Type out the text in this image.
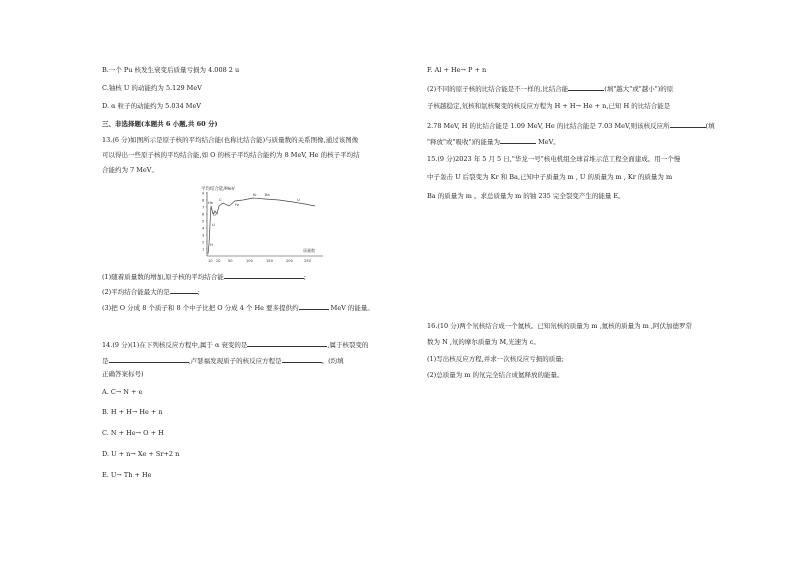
B.一个 Pu 核发生衰变后质量亏损为 4.008 2 u
C.铀核 U 的动能约为 5.129 MeV
D. α 粒子的动能约为 5.034 MeV
三、非选择题(本题共 6 小题,共 60 分)
13.(6 分)如图所示是原子核的平均结合能(也称比结合能)与质量数的关系图像,通过该图像
可以得出一些原子核的平均结合能,如 O 的核子平均结合能约为 8 MeV, He 的核子平均结
合能约为 7 MeV。
平均结合能/MeV
1
2
3
4
5
6
7
8
9
10 20 50	100	150	200	250
质量数
H
Li
He
C
O
Kr Ba
Fe
U
(1)随着质量数的增加,原子核的平均结合能	;
(2)平均结合能最大的是	;
(3)把 O 分成 8 个质子和 8 个中子比把 O 分成 4 个 He 要多提供约	MeV 的能量。
14.(9 分)(1)在下列核反应方程中,属于 α 衰变的是	,属于核裂变的
是	,卢瑟福发现质子的核反应方程是	。(均填
正确答案标号)
A. C→ N + e
B. H + H→ He + n
C. N + He→ O + H
D. U + n→ Xe + Sr+2 n
E. U→ Th + He
F. Al + He→ P + n
(2)不同的原子核的比结合能是不一样的,比结合能	(填"越大"或"越小")的原
子核越稳定,氘核和氚核聚变的核反应方程为 H + H→ He + n,已知 H 的比结合能是
2.78 MeV, H 的比结合能是 1.09 MeV, He 的比结合能是 7.03 MeV,则该核反应所	(填
"释放"或"吸收")的能量为	MeV。
15.(9 分)2023 年 5 月 5 日,"华龙一号"核电机组全球首堆示范工程全面建成。用一个慢
中子轰击 U 后裂变为 Kr 和 Ba,已知中子质量为 m , U 的质量为 m , Kr 的质量为 m
Ba 的质量为 m 。求总质量为 m 的铀 235 完全裂变产生的能量 E。
16.(10 分)两个氘核结合成一个氦核。已知氘核的质量为 m ,氦核的质量为 m ,阿伏加德罗常
数为 N ,氘的摩尔质量为 M,光速为 c。
(1)写出核反应方程,并求一次核反应亏损的质量;
(2)总质量为 m 的氘完全结合成氦释放的能量。
